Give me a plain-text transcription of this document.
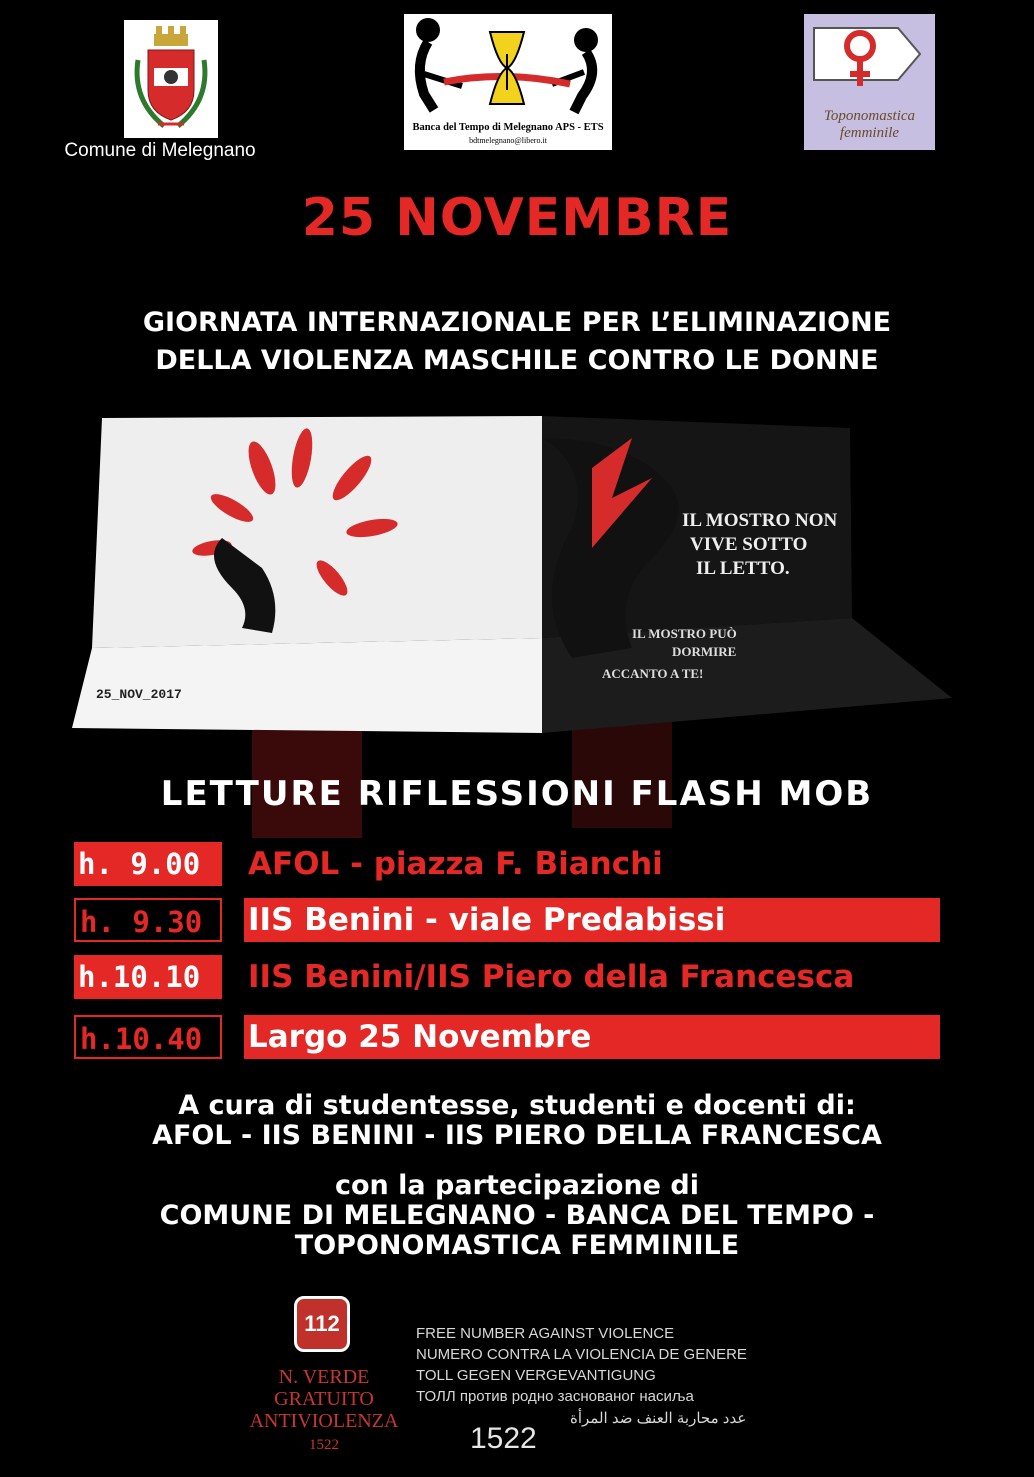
Comune di Melegnano
Banca del Tempo di Melegnano APS - ETS
bdtmelegnano@libero.it
Toponomastica
femminile
25 NOVEMBRE
GIORNATA INTERNAZIONALE PER L’ELIMINAZIONE
DELLA VIOLENZA MASCHILE CONTRO LE DONNE
IL MOSTRO NON
VIVE SOTTO
IL LETTO.
IL MOSTRO PUÒ
DORMIRE
ACCANTO A TE!
25_NOV_2017
LETTURE RIFLESSIONI FLASH MOB
h. 9.00	AFOL - piazza F. Bianchi
h. 9.30	IIS Benini - viale Predabissi
h.10.10	IIS Benini/IIS Piero della Francesca
h.10.40	Largo 25 Novembre
A cura di studentesse, studenti e docenti di:
AFOL - IIS BENINI - IIS PIERO DELLA FRANCESCA
con la partecipazione di
COMUNE DI MELEGNANO - BANCA DEL TEMPO -
TOPONOMASTICA FEMMINILE
112
N. VERDE
GRATUITO
ANTIVIOLENZA
1522
FREE NUMBER AGAINST VIOLENCE
NUMERO CONTRA LA VIOLENCIA DE GENERE
TOLL GEGEN VERGEVANTIGUNG
ТОЛЛ против родно заснованог насиља
عدد محاربة العنف ضد المرأة
1522
